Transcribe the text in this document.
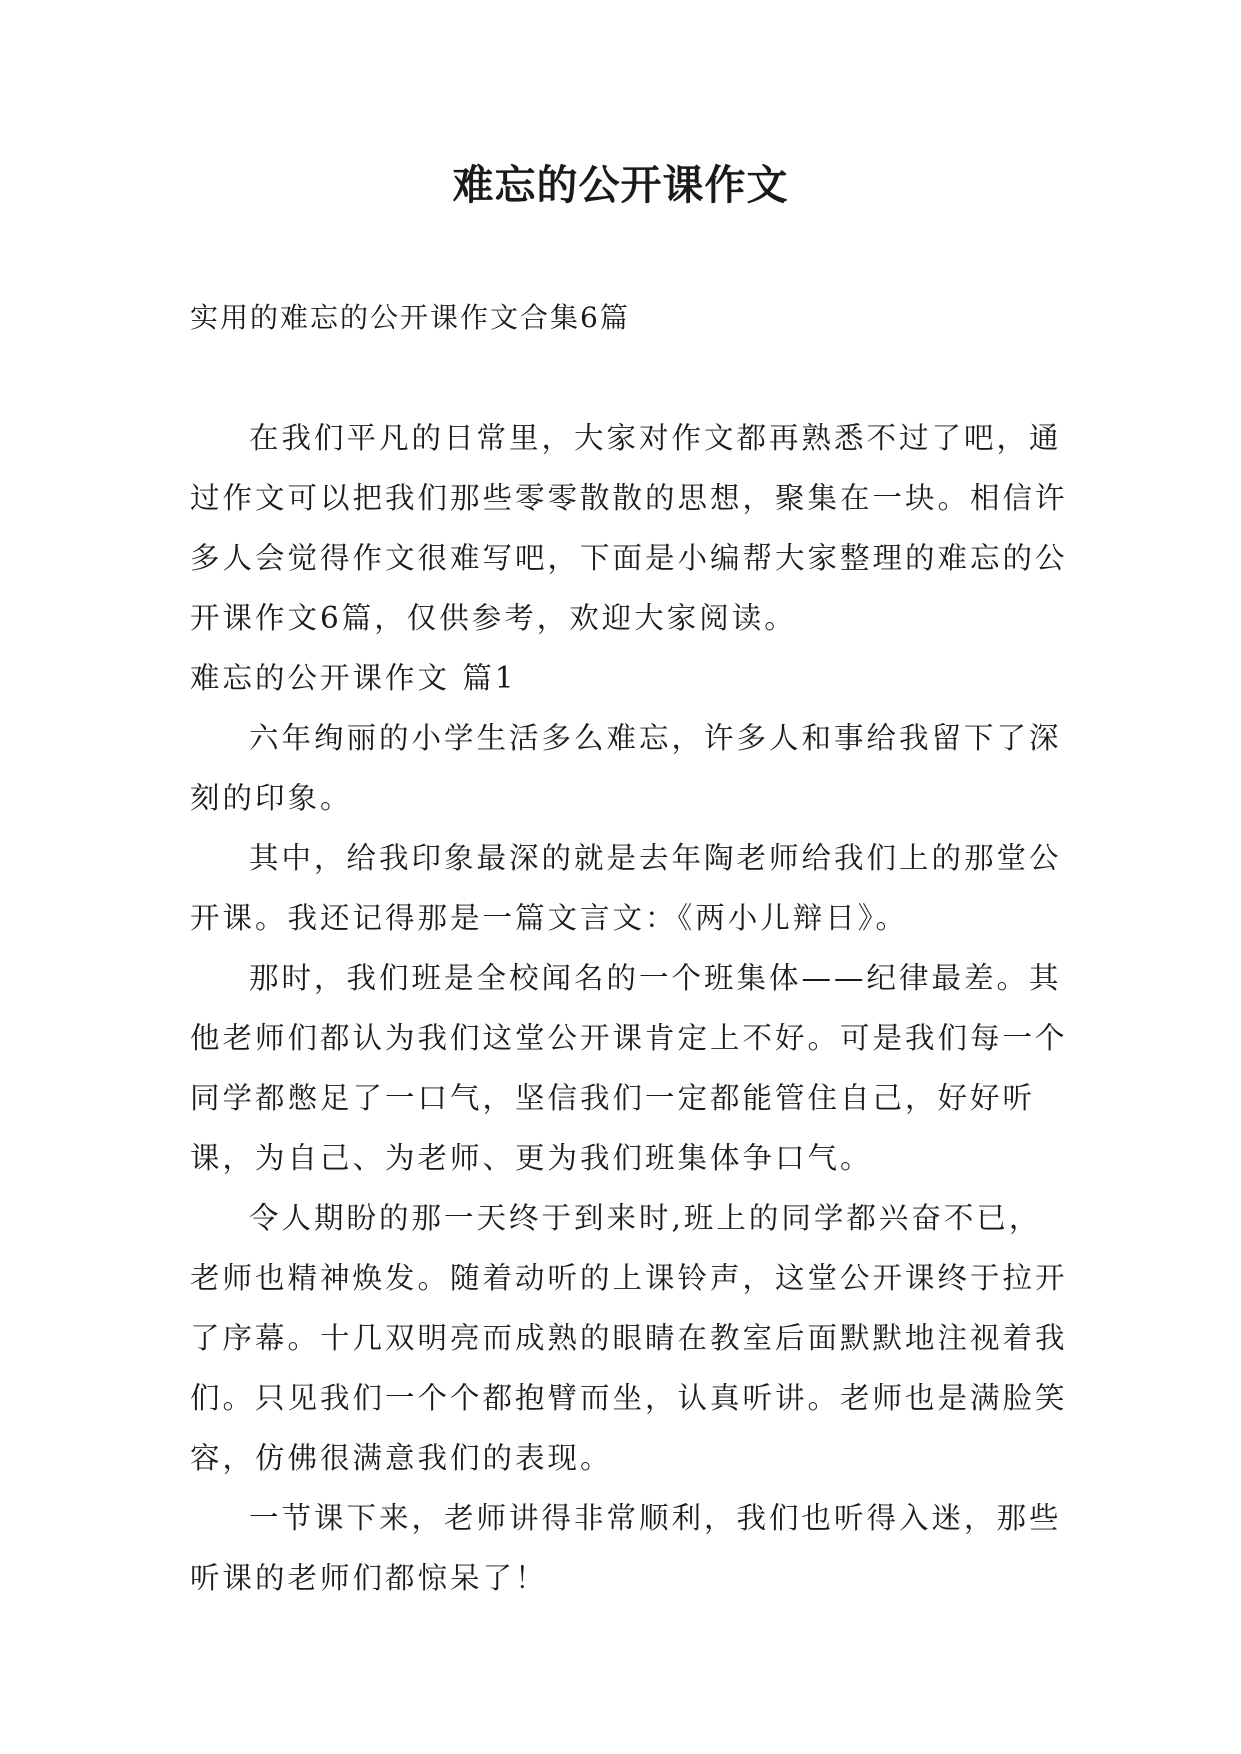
难忘的公开课作文
实用的难忘的公开课作文合集6篇

在我们平凡的日常里，大家对作文都再熟悉不过了吧，通过作文可以把我们那些零零散散的思想，聚集在一块。相信许多人会觉得作文很难写吧，下面是小编帮大家整理的难忘的公开课作文6篇，仅供参考，欢迎大家阅读。

难忘的公开课作文 篇1

六年绚丽的小学生活多么难忘，许多人和事给我留下了深刻的印象。

其中，给我印象最深的就是去年陶老师给我们上的那堂公开课。我还记得那是一篇文言文：《两小儿辩日》。

那时，我们班是全校闻名的一个班集体——纪律最差。其他老师们都认为我们这堂公开课肯定上不好。可是我们每一个同学都憋足了一口气，坚信我们一定都能管住自己，好好听课，为自己、为老师、更为我们班集体争口气。

令人期盼的那一天终于到来时,班上的同学都兴奋不已，老师也精神焕发。随着动听的上课铃声，这堂公开课终于拉开了序幕。十几双明亮而成熟的眼睛在教室后面默默地注视着我们。只见我们一个个都抱臂而坐，认真听讲。老师也是满脸笑容，仿佛很满意我们的表现。

一节课下来，老师讲得非常顺利，我们也听得入迷，那些听课的老师们都惊呆了！
